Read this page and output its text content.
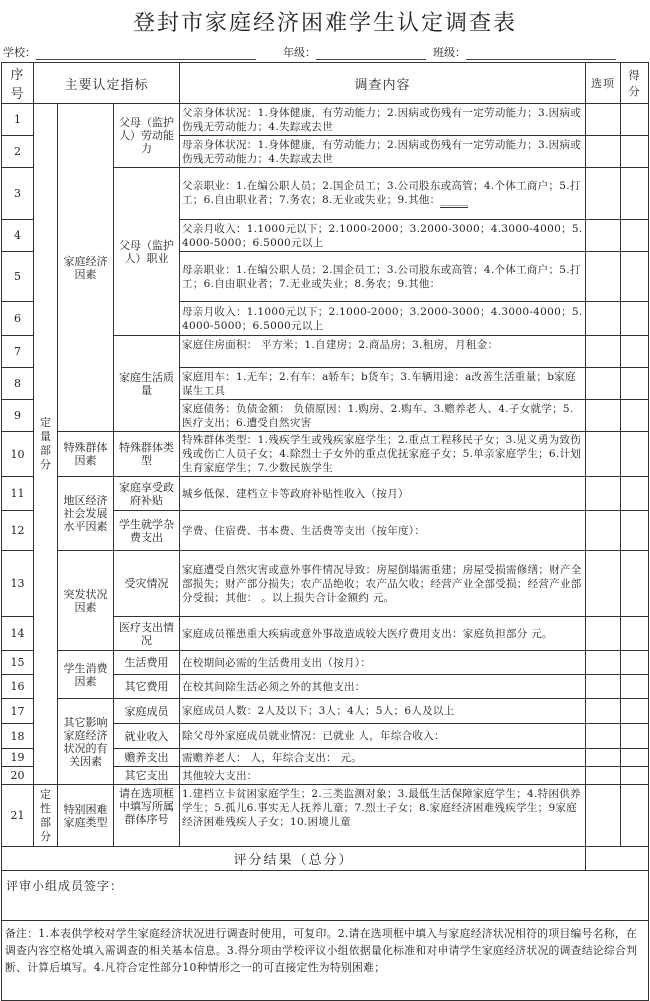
登封市家庭经济困难学生认定调查表
学校：	年级：	班级：
序号	主要认定指标			调查内容	选项	得分
1	定量部分	家庭经济因素	父母（监护人）劳动能力	父亲身体状况：1.身体健康，有劳动能力；2.因病或伤残有一定劳动能力；3.因病或伤残无劳动能力；4.失踪或去世		

2				母亲身体状况：1.身体健康，有劳动能力；2.因病或伤残有一定劳动能力；3.因病或伤残无劳动能力；4.失踪或去世		

3			父母（监护人）职业	父亲职业：1.在编公职人员；2.国企员工；3.公司股东或高管；4.个体工商户；5.打工；6.自由职业者；7.务农；8.无业或失业；9.其他：_____		
4				父亲月收入：1.1000元以下；2.1000-2000；3.2000-3000；4.3000-4000；5.4000-5000；6.5000元以上		
5				母亲职业：1.在编公职人员；2.国企员工；3.公司股东或高管；4.个体工商户；5.打工；6.自由职业者；7.无业或失业；8.务农；9.其他：		
6				母亲月收入：1.1000元以下；2.1000-2000；3.2000-3000；4.3000-4000；5.4000-5000；6.5000元以上		
7			家庭生活质量	家庭住房面积： 平方米；1.自建房；2.商品房；3.租房，月租金：		

8				家庭用车：1.无车；2.有车：a轿车；b货车；3.车辆用途：a改善生活重量；b家庭谋生工具		

9				家庭债务：负债金额： 负债原因：1.购房、2.购车、3.赡养老人、4.子女就学；5.医疗支出；6.遭受自然灾害		

10		特殊群体因素	特殊群体类型	特殊群体类型：1.残疾学生或残疾家庭学生；2.重点工程移民子女；3.见义勇为致伤残或伤亡人员子女；4.除烈士子女外的重点优抚家庭子女；5.单亲家庭学生；6.计划生育家庭学生；7.少数民族学生		

11		地区经济社会发展水平因素	家庭享受政府补贴	城乡低保、建档立卡等政府补贴性收入（按月）		
12			学生就学杂费支出	学费、住宿费、书本费、生活费等支出（按年度）：		
13		突发状况因素	受灾情况	家庭遭受自然灾害或意外事件情况导致：房屋倒塌需重建；房屋受损需修缮；财产全部损失；财产部分损失；农产品绝收；农产品欠收；经营产业全部受损；经营产业部分受损；其他： 。以上损失合计金额约 元。		
14			医疗支出情况	家庭成员罹患重大疾病或意外事故造成较大医疗费用支出：家庭负担部分 元。		
15		学生消费因素	生活费用	在校期间必需的生活费用支出（按月）：		
16			其它费用	在校其间除生活必须之外的其他支出：		
17		其它影响家庭经济状况的有关因素	家庭成员	家庭成员人数：2人及以下；3人；4人；5人；6人及以上		
18			就业收入	除父母外家庭成员就业情况：已就业 人，年综合收入：		
19			赡养支出	需赡养老人： 人，年综合支出： 元。		
20			其它支出	其他较大支出：		
21	定性部分	特别困难家庭类型	请在选项框中填写所属群体序号	1.建档立卡贫困家庭学生；2.三类监测对象；3.最低生活保障家庭学生；4.特困供养学生；5.孤儿6.事实无人抚养儿童；7.烈士子女；8.家庭经济困难残疾学生；9家庭经济困难残疾人子女；10.困境儿童		

评分结果（总分）						
评审小组成员签字：						
备注：1.本表供学校对学生家庭经济状况进行调查时使用，可复印。2.请在选项框中填入与家庭经济状况相符的项目编号名称，在调查内容空格处填入需调查的相关基本信息。3.得分项由学校评议小组依据量化标准和对申请学生家庭经济状况的调查结论综合判断、计算后填写。4.凡符合定性部分10种情形之一的可直接定性为特别困难；						
